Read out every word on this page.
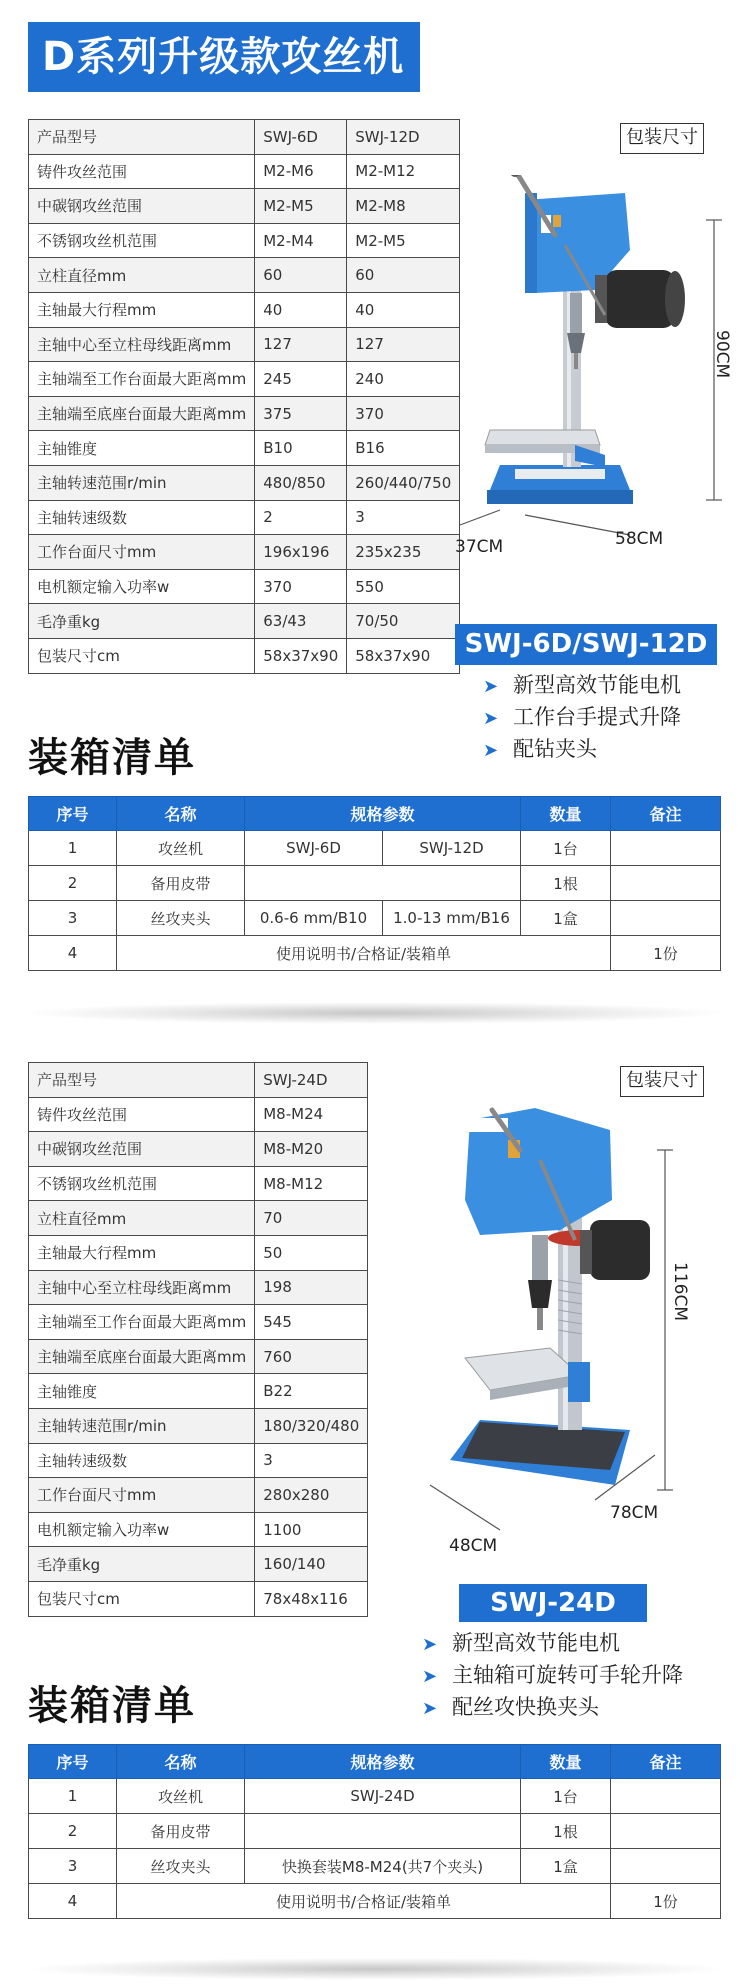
D系列升级款攻丝机
产品型号	SWJ-6D	SWJ-12D
铸件攻丝范围	M2-M6	M2-M12
中碳钢攻丝范围	M2-M5	M2-M8
不锈钢攻丝机范围	M2-M4	M2-M5
立柱直径mm	60	60
主轴最大行程mm	40	40
主轴中心至立柱母线距离mm	127	127
主轴端至工作台面最大距离mm	245	240
主轴端至底座台面最大距离mm	375	370
主轴锥度	B10	B16
主轴转速范围r/min	480/850	260/440/750
主轴转速级数	2	3
工作台面尺寸mm	196x196	235x235
电机额定输入功率w	370	550
毛净重kg	63/43	70/50
包装尺寸cm	58x37x90	58x37x90
包装尺寸
90CM
37CM	58CM
SWJ-6D/SWJ-12D
➤ 新型高效节能电机
➤ 工作台手提式升降
➤ 配钻夹头
装箱清单
序号	名称	规格参数		数量	备注	
1	攻丝机	SWJ-6D	SWJ-12D	1台		
2	备用皮带			1根		
3	丝攻夹头	0.6-6 mm/B10	1.0-13 mm/B16	1盒		
4	使用说明书/合格证/装箱单				1份	
产品型号	SWJ-24D
铸件攻丝范围	M8-M24
中碳钢攻丝范围	M8-M20
不锈钢攻丝机范围	M8-M12
立柱直径mm	70
主轴最大行程mm	50
主轴中心至立柱母线距离mm	198
主轴端至工作台面最大距离mm	545
主轴端至底座台面最大距离mm	760
主轴锥度	B22
主轴转速范围r/min	180/320/480
主轴转速级数	3
工作台面尺寸mm	280x280
电机额定输入功率w	1100
毛净重kg	160/140
包装尺寸cm	78x48x116
包装尺寸
116CM
48CM
78CM
SWJ-24D
➤ 新型高效节能电机
➤ 主轴箱可旋转可手轮升降
➤ 配丝攻快换夹头
装箱清单
序号	名称	规格参数	数量	备注	
1	攻丝机	SWJ-24D	1台		
2	备用皮带		1根		
3	丝攻夹头	快换套装M8-M24(共7个夹头)	1盒		
4	使用说明书/合格证/装箱单			1份	
